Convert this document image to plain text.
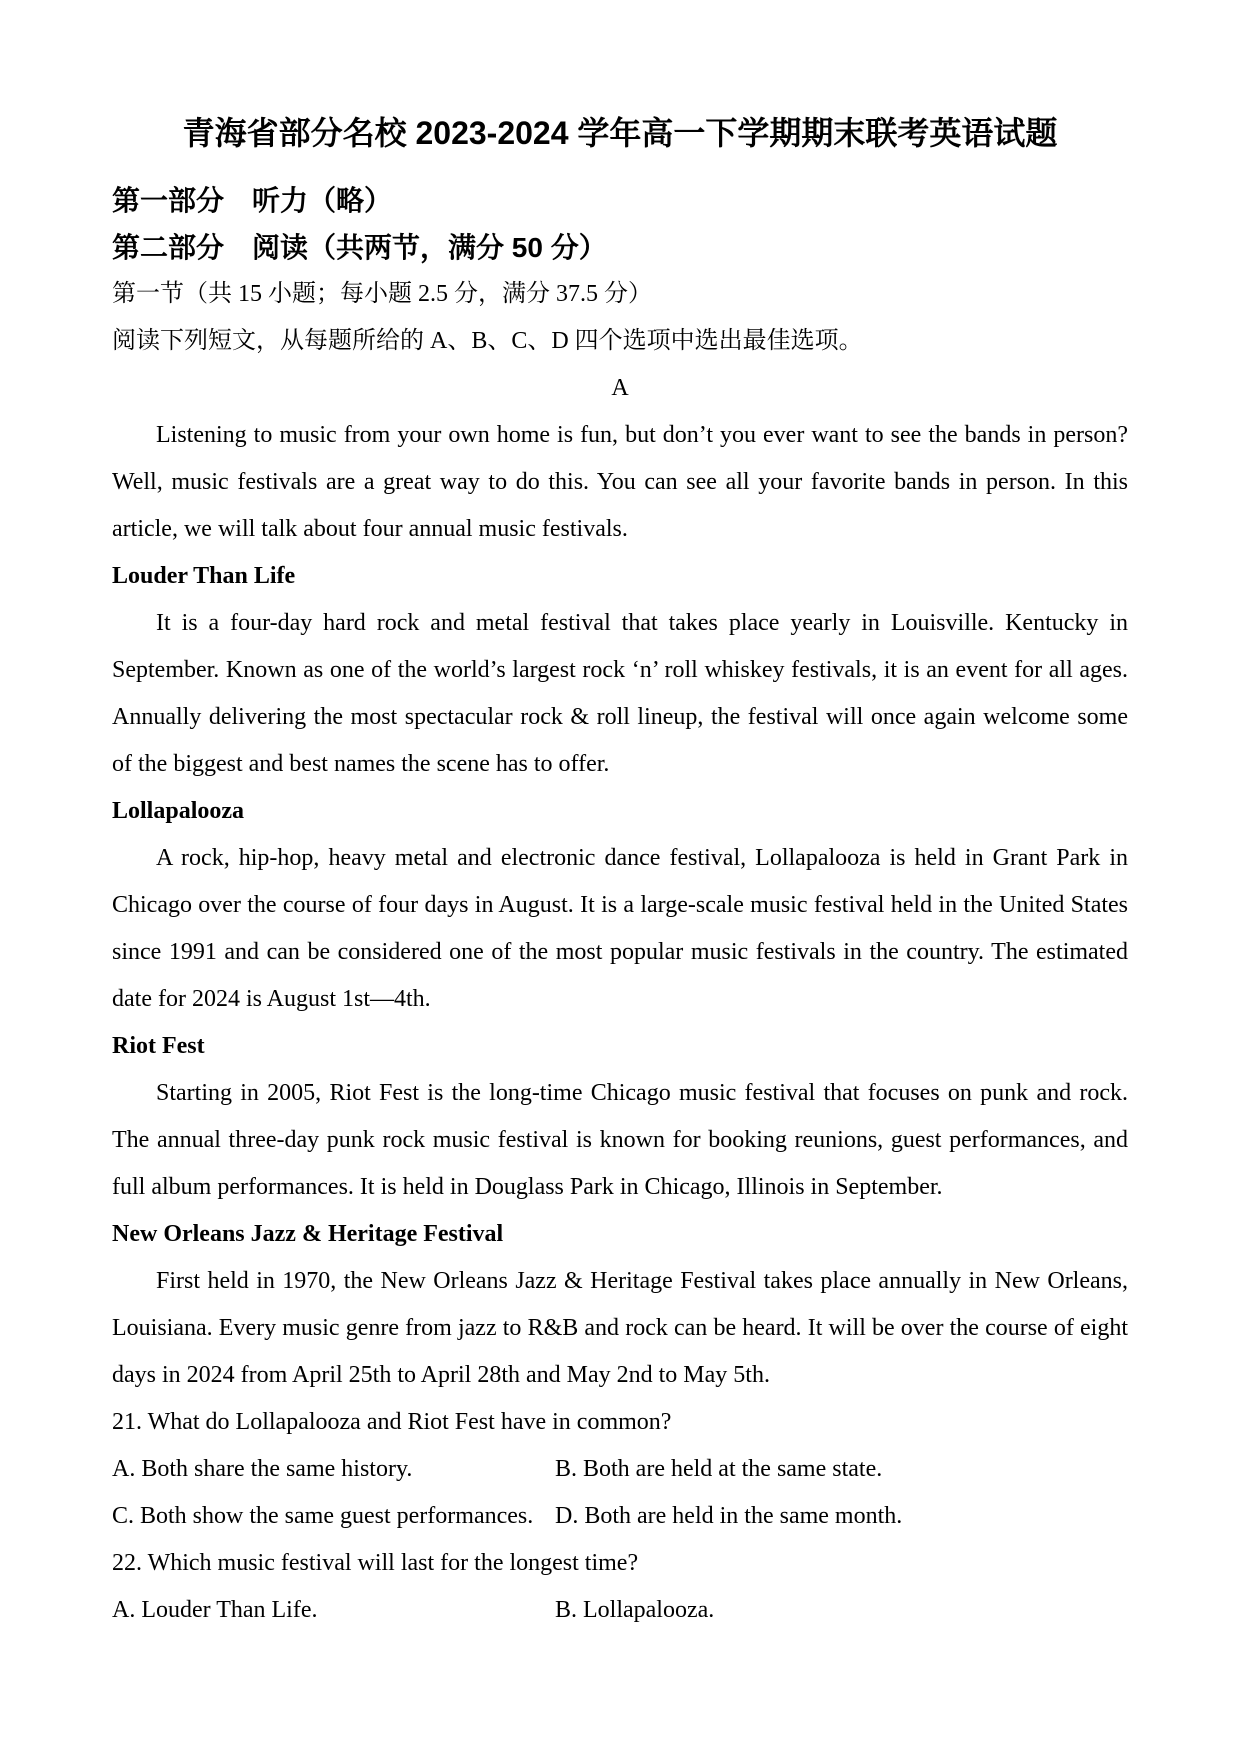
青海省部分名校 2023-2024 学年高一下学期期末联考英语试题

第一部分　听力（略）

第二部分　阅读（共两节，满分 50 分）

第一节（共 15 小题；每小题 2.5 分，满分 37.5 分）

阅读下列短文，从每题所给的 A、B、C、D 四个选项中选出最佳选项。

A

Listening to music from your own home is fun, but don’t you ever want to see the bands in person? Well, music festivals are a great way to do this. You can see all your favorite bands in person. In this article, we will talk about four annual music festivals.

Louder Than Life

It is a four-day hard rock and metal festival that takes place yearly in Louisville. Kentucky in September. Known as one of the world’s largest rock ‘n’ roll whiskey festivals, it is an event for all ages. Annually delivering the most spectacular rock & roll lineup, the festival will once again welcome some of the biggest and best names the scene has to offer.

Lollapalooza

A rock, hip-hop, heavy metal and electronic dance festival, Lollapalooza is held in Grant Park in Chicago over the course of four days in August. It is a large-scale music festival held in the United States since 1991 and can be considered one of the most popular music festivals in the country. The estimated date for 2024 is August 1st—4th.

Riot Fest

Starting in 2005, Riot Fest is the long-time Chicago music festival that focuses on punk and rock. The annual three-day punk rock music festival is known for booking reunions, guest performances, and full album performances. It is held in Douglass Park in Chicago, Illinois in September.

New Orleans Jazz & Heritage Festival

First held in 1970, the New Orleans Jazz & Heritage Festival takes place annually in New Orleans, Louisiana. Every music genre from jazz to R&B and rock can be heard. It will be over the course of eight days in 2024 from April 25th to April 28th and May 2nd to May 5th.

21. What do Lollapalooza and Riot Fest have in common?

A. Both share the same history.	B. Both are held at the same state.
C. Both show the same guest performances. D. Both are held in the same month.

22. Which music festival will last for the longest time?

A. Louder Than Life.	B. Lollapalooza.
